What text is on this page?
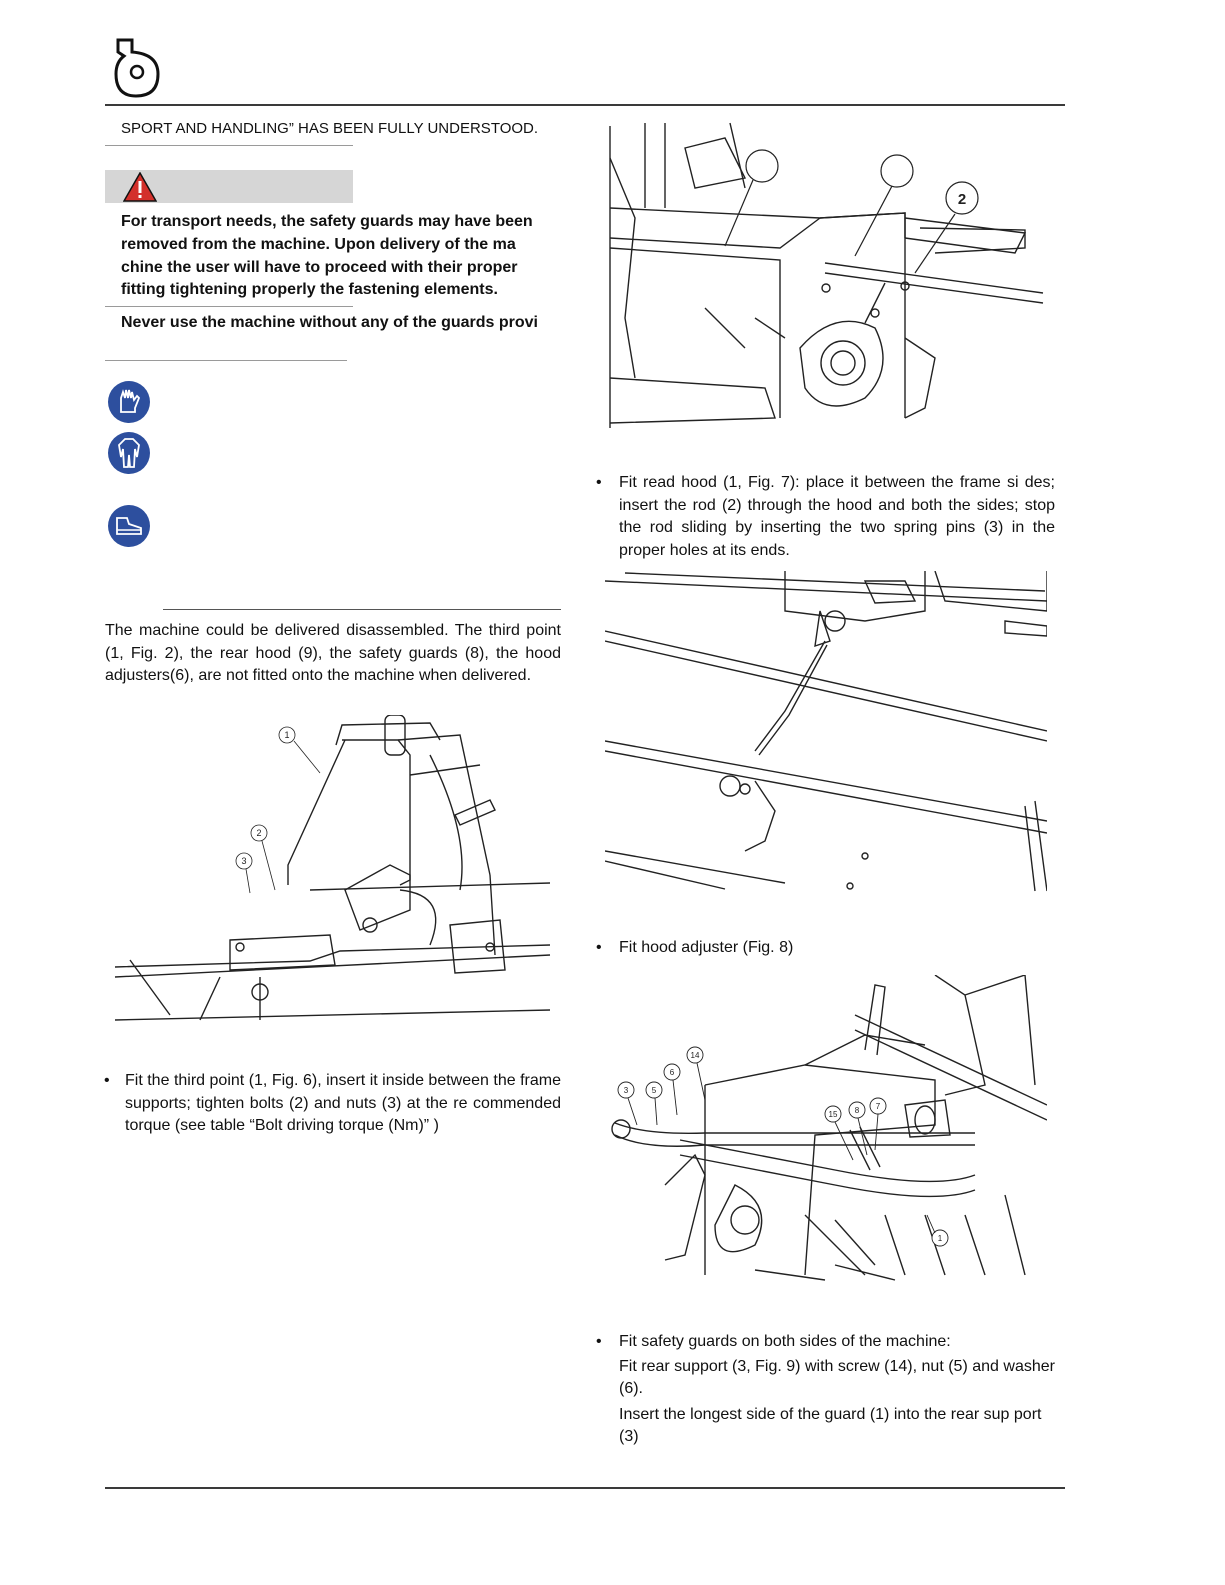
SPORT AND HANDLING” HAS BEEN FULLY UNDERSTOOD.
For transport needs, the safety guards may have been removed from the machine. Upon delivery of the ma chine the user will have to proceed with their proper fitting tightening properly the fastening elements.
Never use the machine without any of the guards provi
The machine could be delivered disassembled. The third point (1, Fig. 2), the rear hood (9), the safety guards (8), the hood adjusters(6), are not fitted onto the machine when delivered.
1
2
3
• Fit the third point (1, Fig. 6), insert it inside between the frame supports; tighten bolts (2) and nuts (3) at the re commended torque (see table “Bolt driving torque (Nm)” )
2
• Fit read hood (1, Fig. 7): place it between the frame si des; insert the rod (2) through the hood and both the sides; stop the rod sliding by inserting the two spring pins (3) in the proper holes at its ends.
• Fit hood adjuster (Fig. 8)
14
3	5
6
15 8 7
1
• Fit safety guards on both sides of the machine:
Fit rear support (3, Fig. 9) with screw (14), nut (5) and washer (6).
Insert the longest side of the guard (1) into the rear sup port (3)
